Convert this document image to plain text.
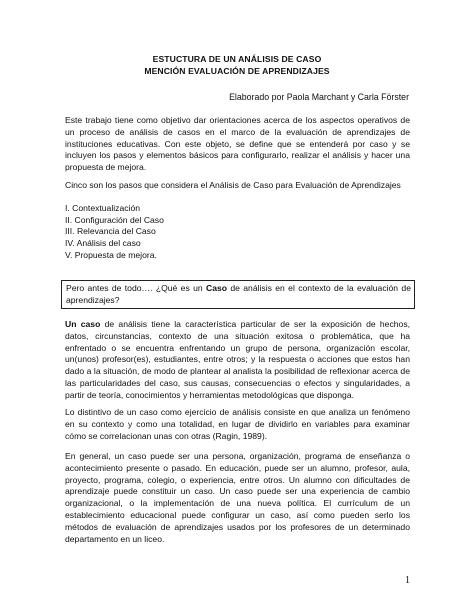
ESTUCTURA DE UN ANÁLISIS DE CASO
MENCIÓN EVALUACIÓN DE APRENDIZAJES
Elaborado por Paola Marchant y Carla Förster

Este trabajo tiene como objetivo dar orientaciones acerca de los aspectos operativos de un proceso de análisis de casos en el marco de la evaluación de aprendizajes de instituciones educativas. Con este objeto, se define que se entenderá por caso y se incluyen los pasos y elementos básicos para configurarlo, realizar el análisis y hacer una propuesta de mejora.

Cinco son los pasos que considera el Análisis de Caso para Evaluación de Aprendizajes

I. Contextualización
II. Configuración del Caso
III. Relevancia del Caso
IV. Análisis del caso
V. Propuesta de mejora.
Pero antes de todo…. ¿Qué es un Caso de análisis en el contexto de la evaluación de aprendizajes?

Un caso de análisis tiene la característica particular de ser la exposición de hechos, datos, circunstancias, contexto de una situación exitosa o problemática, que ha enfrentado o se encuentra enfrentando un grupo de persona, organización escolar, un(unos) profesor(es), estudiantes, entre otros; y la respuesta o acciones que estos han dado a la situación, de modo de plantear al analista la posibilidad de reflexionar acerca de las particularidades del caso, sus causas, consecuencias o efectos y singularidades, a partir de teoría, conocimientos y herramientas metodológicas que disponga.

Lo distintivo de un caso como ejercicio de análisis consiste en que analiza un fenómeno en su contexto y como una totalidad, en lugar de dividirlo en variables para examinar cómo se correlacionan unas con otras (Ragin, 1989).

En general, un caso puede ser una persona, organización, programa de enseñanza o acontecimiento presente o pasado. En educación, puede ser un alumno, profesor, aula, proyecto, programa, colegio, o experiencia, entre otros. Un alumno con dificultades de aprendizaje puede constituir un caso. Un caso puede ser una experiencia de cambio organizacional, o la implementación de una nueva política. El currículum de un establecimiento educacional puede configurar un caso, así como pueden serlo los métodos de evaluación de aprendizajes usados por los profesores de un determinado departamento en un liceo.

1
